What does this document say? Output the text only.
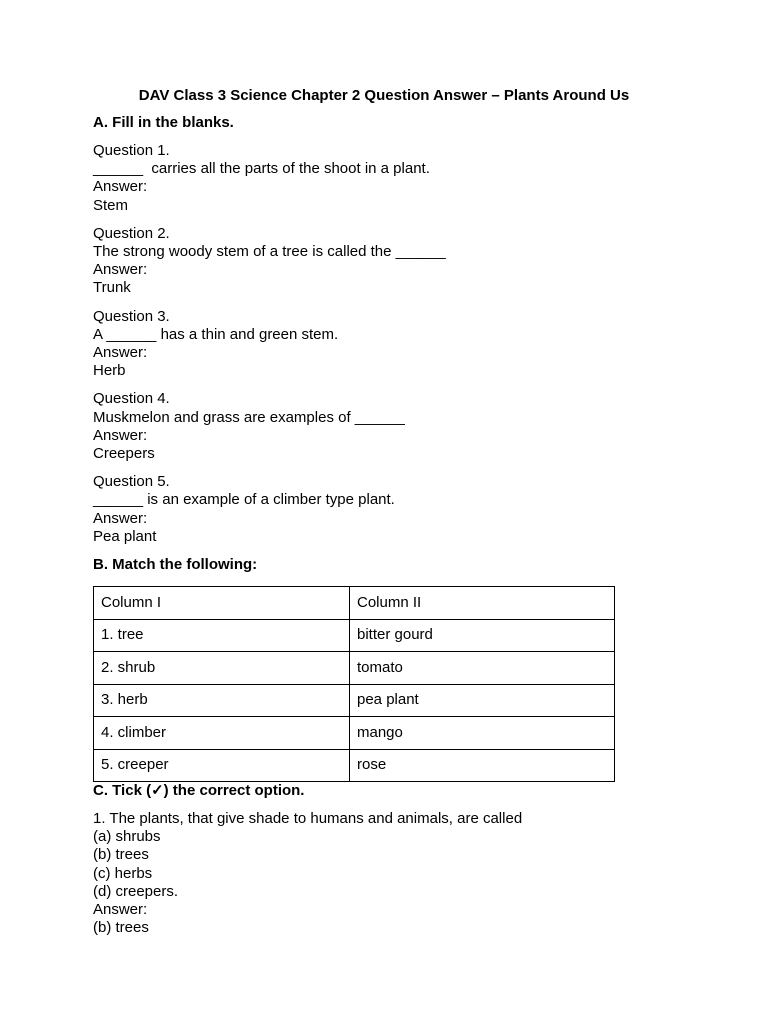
DAV Class 3 Science Chapter 2 Question Answer – Plants Around Us
A. Fill in the blanks.
Question 1.
______  carries all the parts of the shoot in a plant.
Answer:
Stem
Question 2.
The strong woody stem of a tree is called the ______
Answer:
Trunk
Question 3.
A ______ has a thin and green stem.
Answer:
Herb
Question 4.
Muskmelon and grass are examples of ______
Answer:
Creepers
Question 5.
______ is an example of a climber type plant.
Answer:
Pea plant
B. Match the following:
Column I	Column II
1. tree	bitter gourd
2. shrub	tomato
3. herb	pea plant
4. climber	mango
5. creeper	rose
C. Tick (✓) the correct option.
1. The plants, that give shade to humans and animals, are called
(a) shrubs
(b) trees
(c) herbs
(d) creepers.
Answer:
(b) trees
